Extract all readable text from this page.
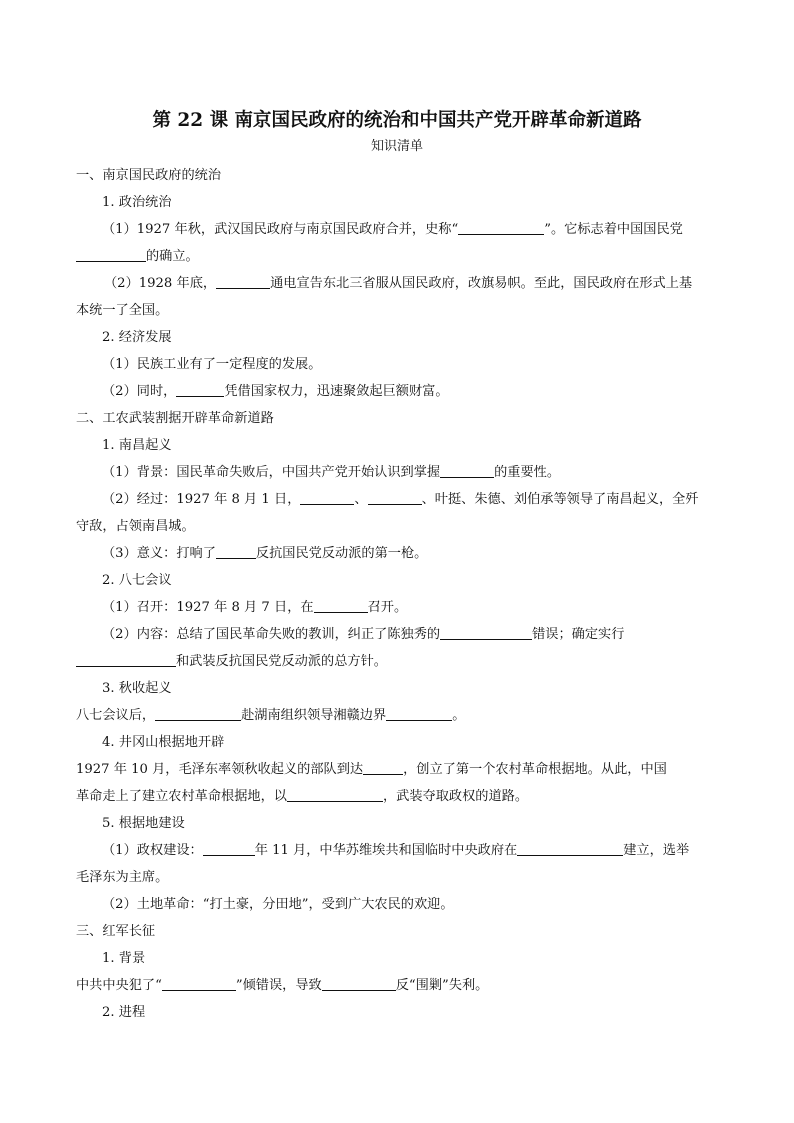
第 22 课 南京国民政府的统治和中国共产党开辟革命新道路
知识清单
一、南京国民政府的统治
1. 政治统治
（1）1927 年秋，武汉国民政府与南京国民政府合并，史称“	”。它标志着中国国民党
的确立。
（2）1928 年底，	通电宣告东北三省服从国民政府，改旗易帜。至此，国民政府在形式上基
本统一了全国。
2. 经济发展
（1）民族工业有了一定程度的发展。
（2）同时，	凭借国家权力，迅速聚敛起巨额财富。
二、工农武装割据开辟革命新道路
1. 南昌起义
（1）背景：国民革命失败后，中国共产党开始认识到掌握	的重要性。
（2）经过：1927 年 8 月 1 日，	、	、叶挺、朱德、刘伯承等领导了南昌起义，全歼
守敌，占领南昌城。
（3）意义：打响了	反抗国民党反动派的第一枪。
2. 八七会议
（1）召开：1927 年 8 月 7 日，在	召开。
（2）内容：总结了国民革命失败的教训，纠正了陈独秀的	错误；确定实行
和武装反抗国民党反动派的总方针。
3. 秋收起义
八七会议后，	赴湖南组织领导湘赣边界	。
4. 井冈山根据地开辟
1927 年 10 月，毛泽东率领秋收起义的部队到达	，创立了第一个农村革命根据地。从此，中国
革命走上了建立农村革命根据地，以	，武装夺取政权的道路。
5. 根据地建设
（1）政权建设：	年 11 月，中华苏维埃共和国临时中央政府在	建立，选举
毛泽东为主席。
（2）土地革命：“打土豪，分田地”，受到广大农民的欢迎。
三、红军长征
1. 背景
中共中央犯了“	”倾错误，导致	反“围剿”失利。
2. 进程
